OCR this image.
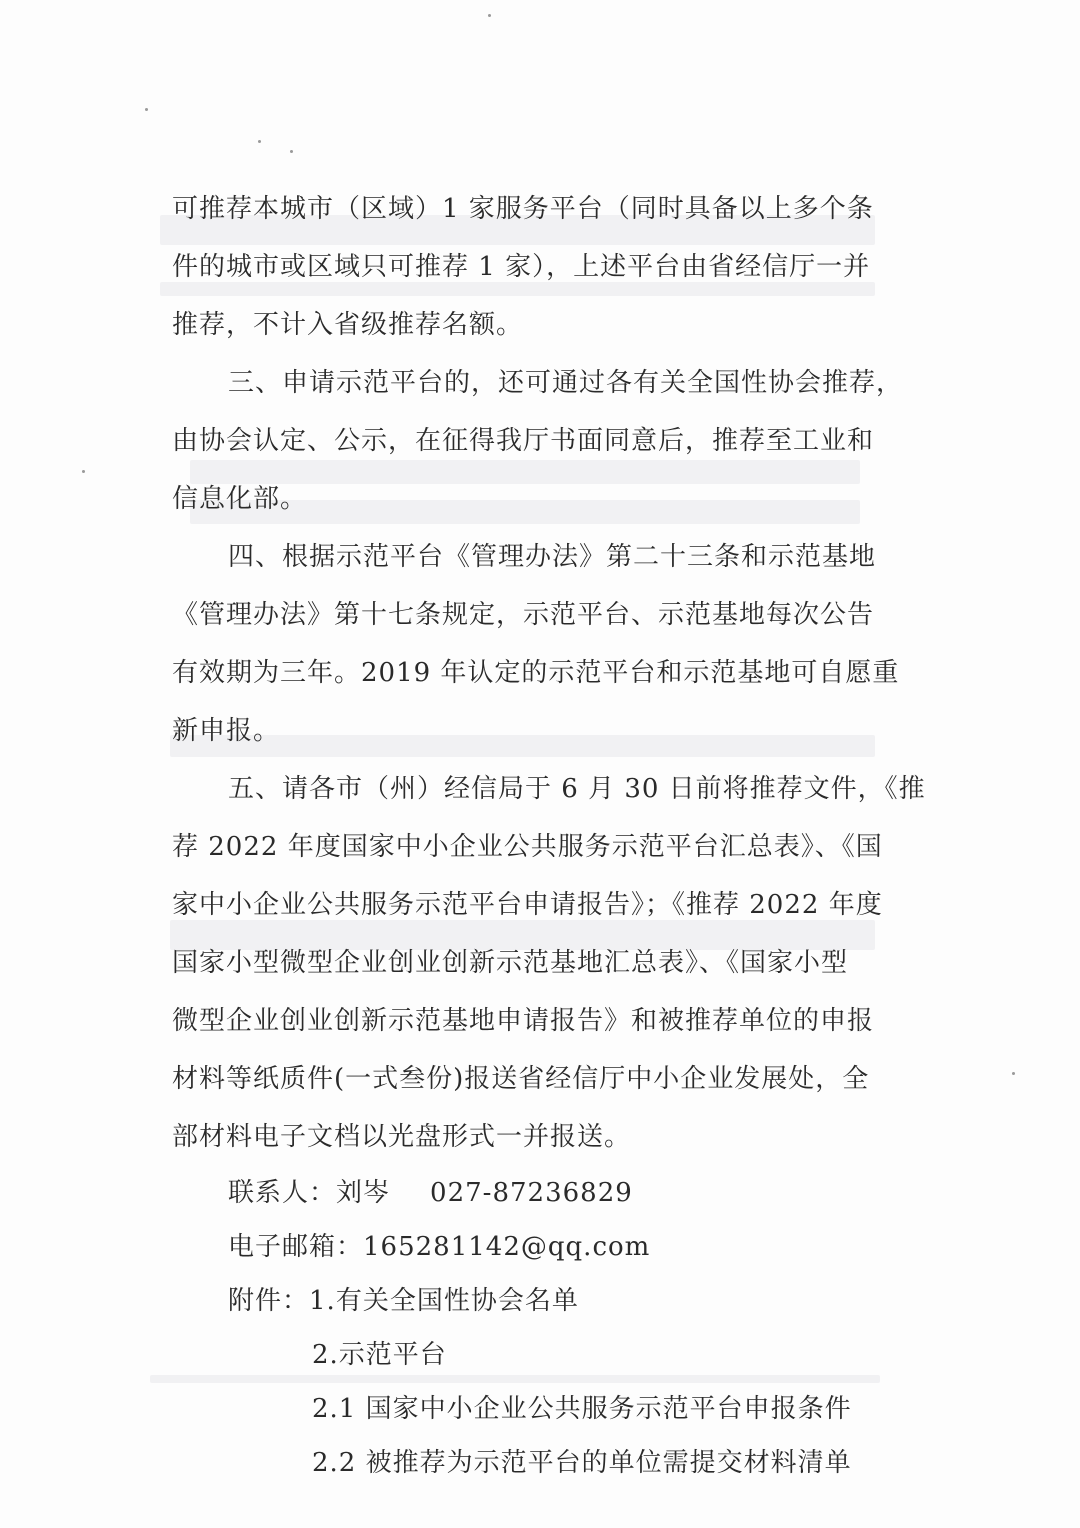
可推荐本城市（区域）1 家服务平台（同时具备以上多个条
件的城市或区域只可推荐 1 家），上述平台由省经信厅一并
推荐，不计入省级推荐名额。

三、申请示范平台的，还可通过各有关全国性协会推荐，
由协会认定、公示，在征得我厅书面同意后，推荐至工业和
信息化部。

四、根据示范平台《管理办法》第二十三条和示范基地
《管理办法》第十七条规定，示范平台、示范基地每次公告
有效期为三年。2019 年认定的示范平台和示范基地可自愿重
新申报。

五、请各市（州）经信局于 6 月 30 日前将推荐文件，《推
荐 2022 年度国家中小企业公共服务示范平台汇总表》、《国
家中小企业公共服务示范平台申请报告》；《推荐 2022 年度
国家小型微型企业创业创新示范基地汇总表》、《国家小型
微型企业创业创新示范基地申请报告》和被推荐单位的申报
材料等纸质件(一式叁份)报送省经信厅中小企业发展处，全
部材料电子文档以光盘形式一并报送。

联系人：刘岑 027-87236829
电子邮箱：165281142@qq.com
附件：1.有关全国性协会名单
2.示范平台
2.1 国家中小企业公共服务示范平台申报条件
2.2 被推荐为示范平台的单位需提交材料清单
